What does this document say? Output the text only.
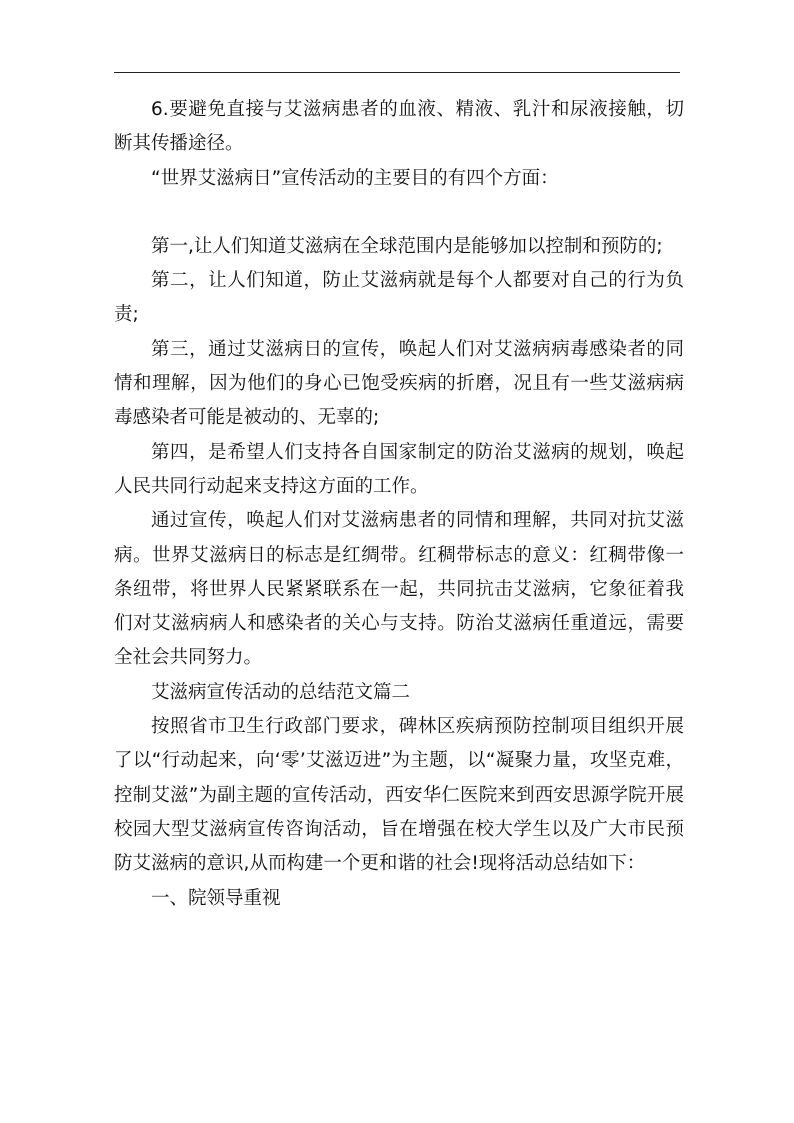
6.要避免直接与艾滋病患者的血液、精液、乳汁和尿液接触，切断其传播途径。

“世界艾滋病日”宣传活动的主要目的有四个方面：

第一,让人们知道艾滋病在全球范围内是能够加以控制和预防的;

第二，让人们知道，防止艾滋病就是每个人都要对自己的行为负责;

第三，通过艾滋病日的宣传，唤起人们对艾滋病病毒感染者的同情和理解，因为他们的身心已饱受疾病的折磨，况且有一些艾滋病病毒感染者可能是被动的、无辜的;

第四，是希望人们支持各自国家制定的防治艾滋病的规划，唤起人民共同行动起来支持这方面的工作。

通过宣传，唤起人们对艾滋病患者的同情和理解，共同对抗艾滋病。世界艾滋病日的标志是红绸带。红稠带标志的意义：红稠带像一条纽带，将世界人民紧紧联系在一起，共同抗击艾滋病，它象征着我们对艾滋病病人和感染者的关心与支持。防治艾滋病任重道远，需要全社会共同努力。

艾滋病宣传活动的总结范文篇二

按照省市卫生行政部门要求，碑林区疾病预防控制项目组织开展了以“行动起来，向‘零’艾滋迈进”为主题，以“凝聚力量，攻坚克难，控制艾滋”为副主题的宣传活动，西安华仁医院来到西安思源学院开展校园大型艾滋病宣传咨询活动，旨在增强在校大学生以及广大市民预防艾滋病的意识,从而构建一个更和谐的社会!现将活动总结如下：

一、院领导重视
